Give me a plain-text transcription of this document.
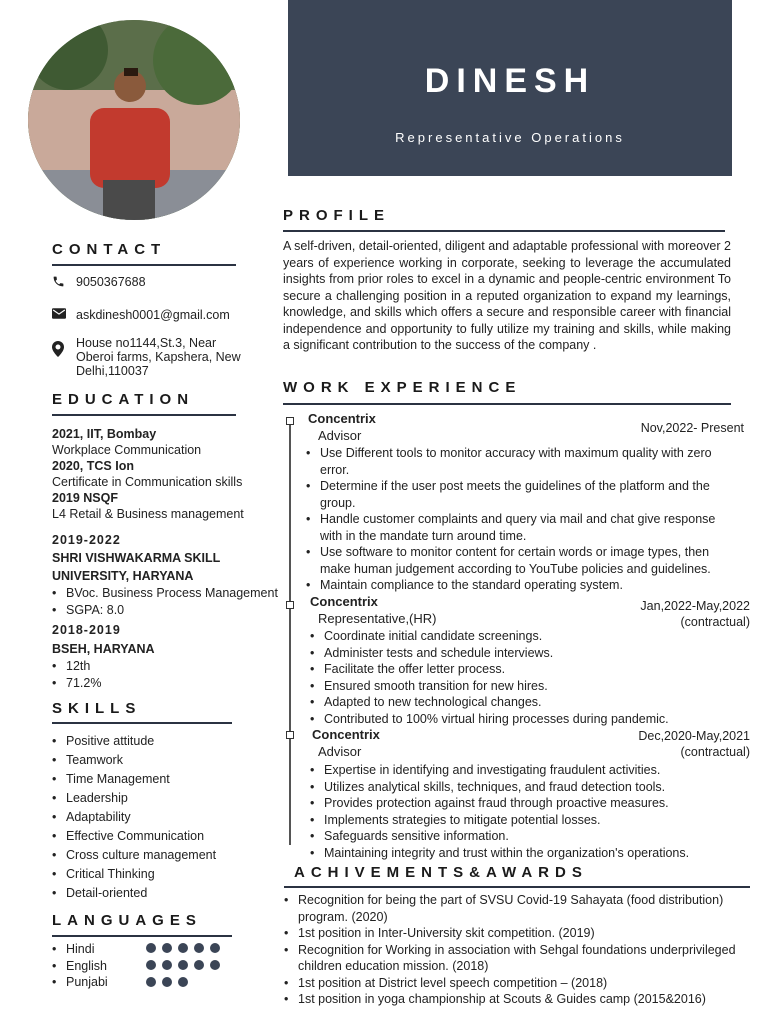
DINESH
Representative Operations
CONTACT
9050367688
askdinesh0001@gmail.com
House no1144,St.3, Near Oberoi farms, Kapshera, New Delhi,110037
EDUCATION
2021, IIT, Bombay
Workplace Communication
2020, TCS Ion
Certificate in Communication skills
2019 NSQF
L4 Retail & Business management
2019-2022
SHRI VISHWAKARMA SKILL UNIVERSITY, HARYANA
• BVoc. Business Process Management
• SGPA: 8.0
2018-2019
BSEH, HARYANA
• 12th
• 71.2%
SKILLS
• Positive attitude
• Teamwork
• Time Management
• Leadership
• Adaptability
• Effective Communication
• Cross culture management
• Critical Thinking
• Detail-oriented
LANGUAGES
• Hindi
• English
• Punjabi
PROFILE
A self-driven, detail-oriented, diligent and adaptable professional with moreover 2 years of experience working in corporate, seeking to leverage the accumulated insights from prior roles to excel in a dynamic and people-centric environment To secure a challenging position in a reputed organization to expand my learnings, knowledge, and skills which offers a secure and responsible career with financial independence and opportunity to fully utilize my training and skills, while making a significant contribution to the success of the company .
WORK EXPERIENCE
Concentrix
Advisor	Nov,2022- Present
• Use Different tools to monitor accuracy with maximum quality with zero error.
• Determine if the user post meets the guidelines of the platform and the group.
• Handle customer complaints and query via mail and chat give response with in the mandate turn around time.
• Use software to monitor content for certain words or image types, then make human judgement according to YouTube policies and guidelines.
• Maintain compliance to the standard operating system.
Concentrix
Representative,(HR)
Jan,2022-May,2022
(contractual)
• Coordinate initial candidate screenings.
• Administer tests and schedule interviews.
• Facilitate the offer letter process.
• Ensured smooth transition for new hires.
• Adapted to new technological changes.
• Contributed to 100% virtual hiring processes during pandemic.
Concentrix
Advisor
Dec,2020-May,2021
(contractual)
• Expertise in identifying and investigating fraudulent activities.
• Utilizes analytical skills, techniques, and fraud detection tools.
• Provides protection against fraud through proactive measures.
• Implements strategies to mitigate potential losses.
• Safeguards sensitive information.
• Maintaining integrity and trust within the organization's operations.
ACHIVEMENTS&AWARDS
• Recognition for being the part of SVSU Covid-19 Sahayata (food distribution) program. (2020)
• 1st position in Inter-University skit competition. (2019)
• Recognition for Working in association with Sehgal foundations underprivileged children education mission. (2018)
• 1st position at District level speech competition – (2018)
• 1st position in yoga championship at Scouts & Guides camp (2015&2016)
